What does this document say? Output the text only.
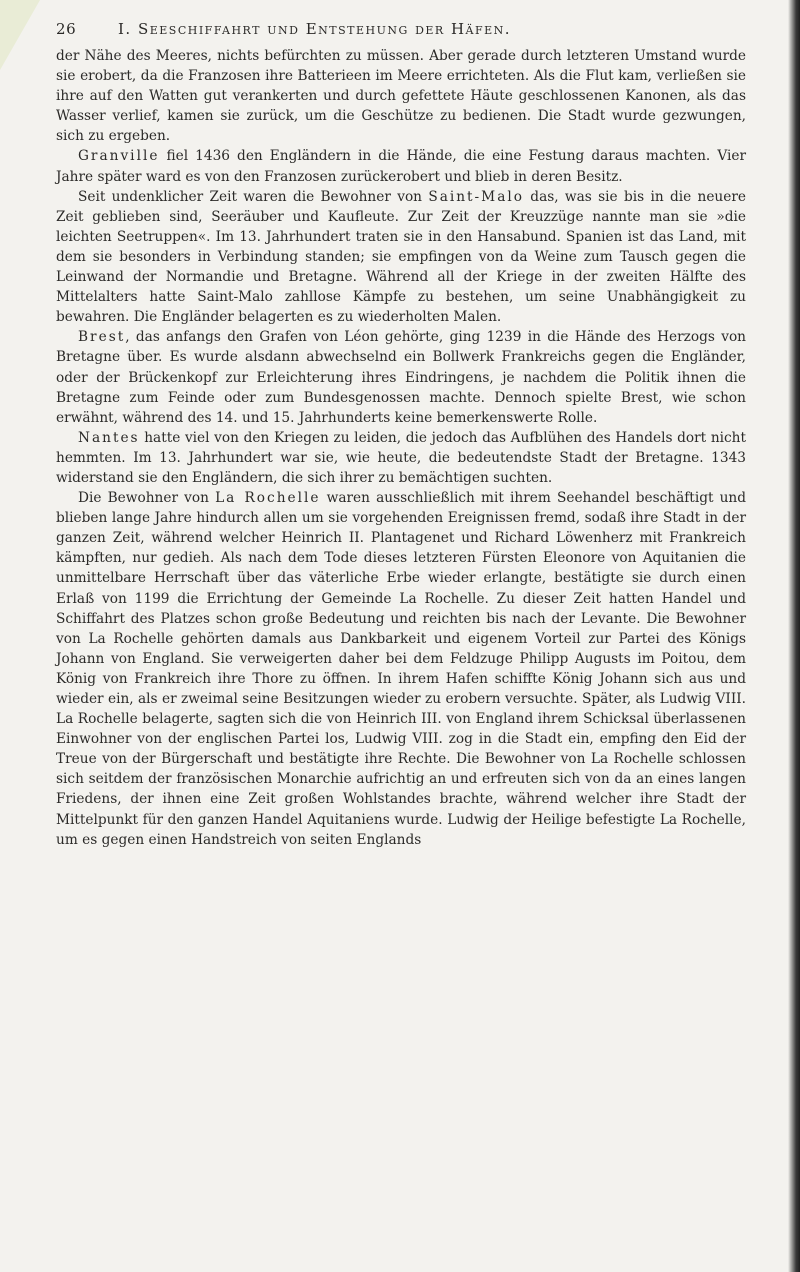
26	I. Seeschiffahrt und Entstehung der Häfen.

der Nähe des Meeres, nichts befürchten zu müssen. Aber gerade durch letzteren Umstand wurde sie erobert, da die Franzosen ihre Batterieen im Meere errichteten. Als die Flut kam, verließen sie ihre auf den Watten gut verankerten und durch gefettete Häute geschlossenen Kanonen, als das Wasser verlief, kamen sie zurück, um die Geschütze zu bedienen. Die Stadt wurde gezwungen, sich zu ergeben.

Granville fiel 1436 den Engländern in die Hände, die eine Festung daraus machten. Vier Jahre später ward es von den Franzosen zurückerobert und blieb in deren Besitz.

Seit undenklicher Zeit waren die Bewohner von Saint-Malo das, was sie bis in die neuere Zeit geblieben sind, Seeräuber und Kaufleute. Zur Zeit der Kreuzzüge nannte man sie »die leichten Seetruppen«. Im 13. Jahrhundert traten sie in den Hansabund. Spanien ist das Land, mit dem sie besonders in Verbindung standen; sie empfingen von da Weine zum Tausch gegen die Leinwand der Normandie und Bretagne. Während all der Kriege in der zweiten Hälfte des Mittelalters hatte Saint-Malo zahllose Kämpfe zu bestehen, um seine Unabhängigkeit zu bewahren. Die Engländer belagerten es zu wiederholten Malen.

Brest, das anfangs den Grafen von Léon gehörte, ging 1239 in die Hände des Herzogs von Bretagne über. Es wurde alsdann abwechselnd ein Bollwerk Frankreichs gegen die Engländer, oder der Brückenkopf zur Erleichterung ihres Eindringens, je nachdem die Politik ihnen die Bretagne zum Feinde oder zum Bundesgenossen machte. Dennoch spielte Brest, wie schon erwähnt, während des 14. und 15. Jahrhunderts keine bemerkenswerte Rolle.

Nantes hatte viel von den Kriegen zu leiden, die jedoch das Aufblühen des Handels dort nicht hemmten. Im 13. Jahrhundert war sie, wie heute, die bedeutendste Stadt der Bretagne. 1343 widerstand sie den Engländern, die sich ihrer zu bemächtigen suchten.

Die Bewohner von La Rochelle waren ausschließlich mit ihrem Seehandel beschäftigt und blieben lange Jahre hindurch allen um sie vorgehenden Ereignissen fremd, sodaß ihre Stadt in der ganzen Zeit, während welcher Heinrich II. Plantagenet und Richard Löwenherz mit Frankreich kämpften, nur gedieh. Als nach dem Tode dieses letzteren Fürsten Eleonore von Aquitanien die unmittelbare Herrschaft über das väterliche Erbe wieder erlangte, bestätigte sie durch einen Erlaß von 1199 die Errichtung der Gemeinde La Rochelle. Zu dieser Zeit hatten Handel und Schiffahrt des Platzes schon große Bedeutung und reichten bis nach der Levante. Die Bewohner von La Rochelle gehörten damals aus Dankbarkeit und eigenem Vorteil zur Partei des Königs Johann von England. Sie verweigerten daher bei dem Feldzuge Philipp Augusts im Poitou, dem König von Frankreich ihre Thore zu öffnen. In ihrem Hafen schiffte König Johann sich aus und wieder ein, als er zweimal seine Besitzungen wieder zu erobern versuchte. Später, als Ludwig VIII. La Rochelle belagerte, sagten sich die von Heinrich III. von England ihrem Schicksal überlassenen Einwohner von der englischen Partei los, Ludwig VIII. zog in die Stadt ein, empfing den Eid der Treue von der Bürgerschaft und bestätigte ihre Rechte. Die Bewohner von La Rochelle schlossen sich seitdem der französischen Monarchie aufrichtig an und erfreuten sich von da an eines langen Friedens, der ihnen eine Zeit großen Wohlstandes brachte, während welcher ihre Stadt der Mittelpunkt für den ganzen Handel Aquitaniens wurde. Ludwig der Heilige befestigte La Rochelle, um es gegen einen Handstreich von seiten Englands
